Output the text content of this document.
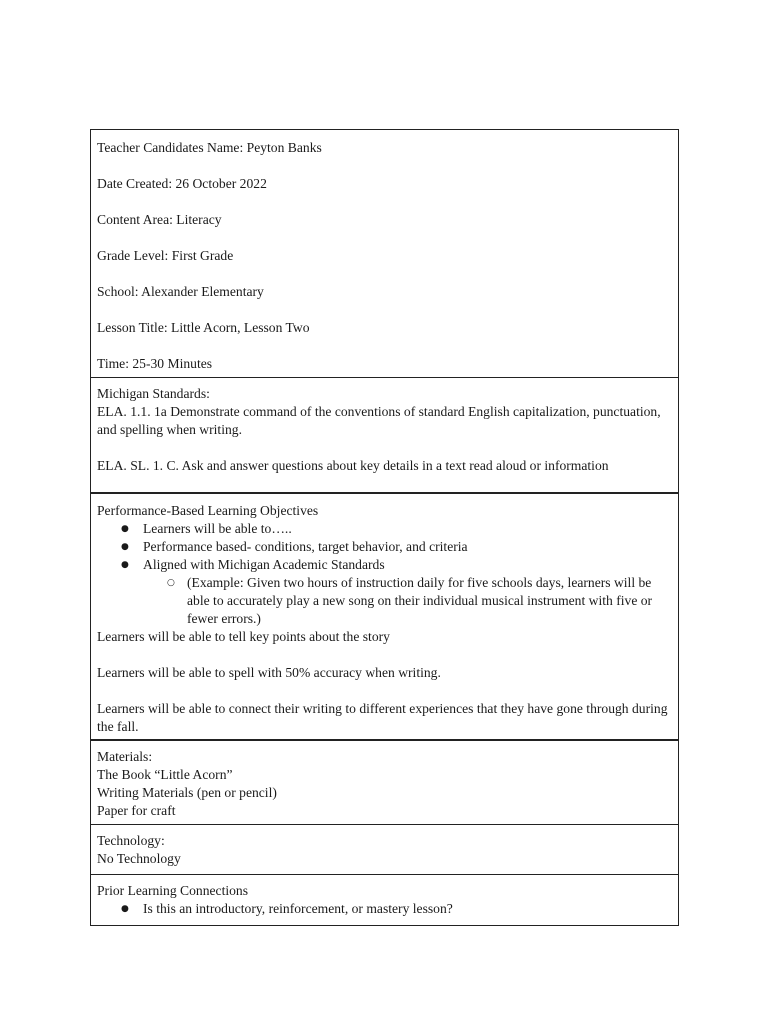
Teacher Candidates Name: Peyton Banks
Date Created: 26 October 2022
Content Area: Literacy
Grade Level: First Grade
School: Alexander Elementary
Lesson Title: Little Acorn, Lesson Two
Time: 25-30 Minutes
Michigan Standards:
ELA. 1.1. 1a Demonstrate command of the conventions of standard English capitalization, punctuation, and spelling when writing.
ELA. SL. 1. C. Ask and answer questions about key details in a text read aloud or information
Performance-Based Learning Objectives
● Learners will be able to…..
● Performance based- conditions, target behavior, and criteria
● Aligned with Michigan Academic Standards
○ (Example: Given two hours of instruction daily for five schools days, learners will be able to accurately play a new song on their individual musical instrument with five or fewer errors.)
Learners will be able to tell key points about the story
Learners will be able to spell with 50% accuracy when writing.
Learners will be able to connect their writing to different experiences that they have gone through during the fall.
Materials:
The Book “Little Acorn”
Writing Materials (pen or pencil)
Paper for craft
Technology:
No Technology
Prior Learning Connections
● Is this an introductory, reinforcement, or mastery lesson?
